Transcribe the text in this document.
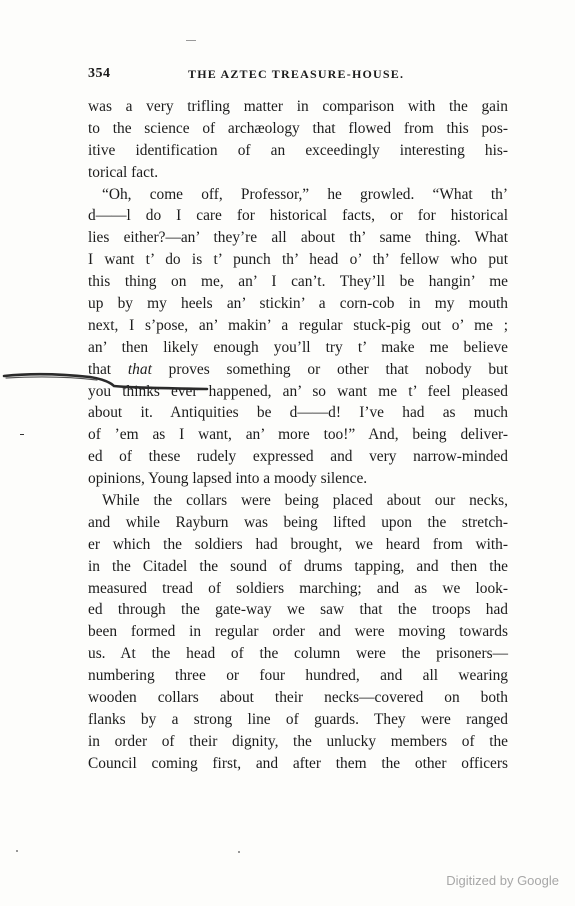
354	THE AZTEC TREASURE-HOUSE.
was a very trifling matter in comparison with the gain
to the science of archæology that flowed from this pos-
itive identification of an exceedingly interesting his-
torical fact.
“Oh, come off, Professor,” he growled. “What th’
d——l do I care for historical facts, or for historical
lies either?—an’ they’re all about th’ same thing. What
I want t’ do is t’ punch th’ head o’ th’ fellow who put
this thing on me, an’ I can’t. They’ll be hangin’ me
up by my heels an’ stickin’ a corn-cob in my mouth
next, I s’pose, an’ makin’ a regular stuck-pig out o’ me ;
an’ then likely enough you’ll try t’ make me believe
that that proves something or other that nobody but
you thinks ever happened, an’ so want me t’ feel pleased
about it. Antiquities be d——d! I’ve had as much
of ’em as I want, an’ more too!” And, being deliver-
ed of these rudely expressed and very narrow-minded
opinions, Young lapsed into a moody silence.
While the collars were being placed about our necks,
and while Rayburn was being lifted upon the stretch-
er which the soldiers had brought, we heard from with-
in the Citadel the sound of drums tapping, and then the
measured tread of soldiers marching; and as we look-
ed through the gate-way we saw that the troops had
been formed in regular order and were moving towards
us. At the head of the column were the prisoners—
numbering three or four hundred, and all wearing
wooden collars about their necks—covered on both
flanks by a strong line of guards. They were ranged
in order of their dignity, the unlucky members of the
Council coming first, and after them the other officers
Digitized by Google
